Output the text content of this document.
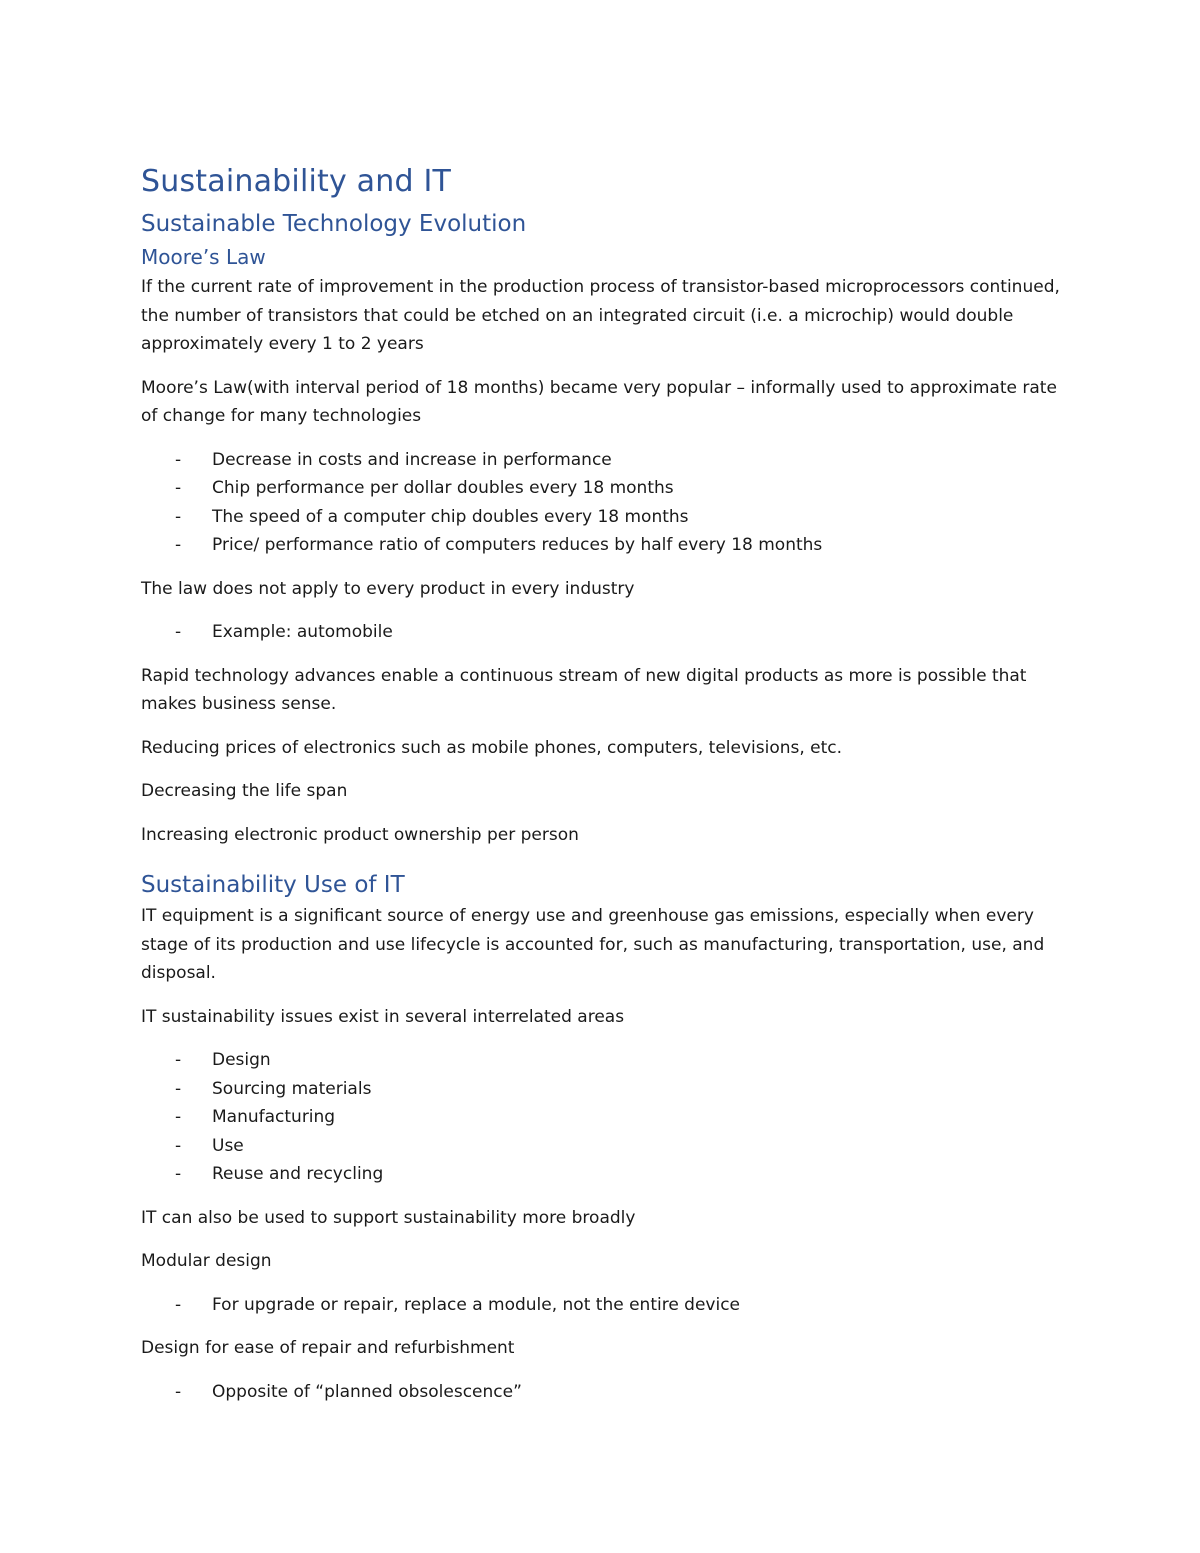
Sustainability and IT
Sustainable Technology Evolution
Moore’s Law

If the current rate of improvement in the production process of transistor-based microprocessors continued, the number of transistors that could be etched on an integrated circuit (i.e. a microchip) would double approximately every 1 to 2 years

Moore’s Law(with interval period of 18 months) became very popular – informally used to approximate rate of change for many technologies

- Decrease in costs and increase in performance
- Chip performance per dollar doubles every 18 months
- The speed of a computer chip doubles every 18 months
- Price/ performance ratio of computers reduces by half every 18 months

The law does not apply to every product in every industry

- Example: automobile

Rapid technology advances enable a continuous stream of new digital products as more is possible that makes business sense.

Reducing prices of electronics such as mobile phones, computers, televisions, etc.

Decreasing the life span

Increasing electronic product ownership per person

Sustainability Use of IT

IT equipment is a significant source of energy use and greenhouse gas emissions, especially when every stage of its production and use lifecycle is accounted for, such as manufacturing, transportation, use, and disposal.

IT sustainability issues exist in several interrelated areas

- Design
- Sourcing materials
- Manufacturing
- Use
- Reuse and recycling

IT can also be used to support sustainability more broadly

Modular design

- For upgrade or repair, replace a module, not the entire device

Design for ease of repair and refurbishment

- Opposite of “planned obsolescence”
